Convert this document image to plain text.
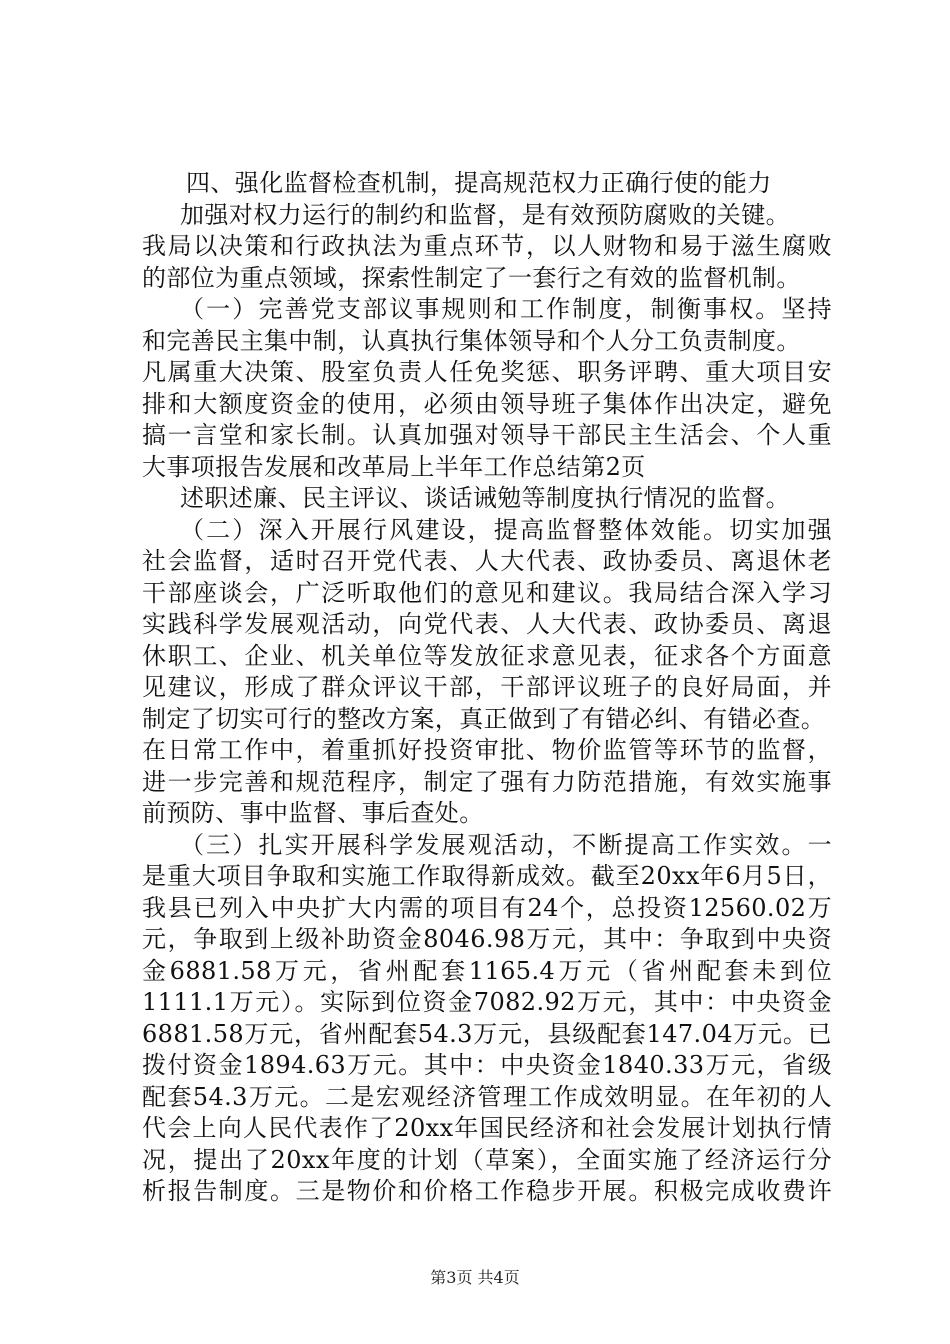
四、强化监督检查机制，提高规范权力正确行使的能力
加强对权力运行的制约和监督，是有效预防腐败的关键。
我局以决策和行政执法为重点环节，以人财物和易于滋生腐败
的部位为重点领域，探索性制定了一套行之有效的监督机制。
（一）完善党支部议事规则和工作制度，制衡事权。坚持
和完善民主集中制，认真执行集体领导和个人分工负责制度。
凡属重大决策、股室负责人任免奖惩、职务评聘、重大项目安
排和大额度资金的使用，必须由领导班子集体作出决定，避免
搞一言堂和家长制。认真加强对领导干部民主生活会、个人重
大事项报告发展和改革局上半年工作总结第2页
述职述廉、民主评议、谈话诫勉等制度执行情况的监督。
（二）深入开展行风建设，提高监督整体效能。切实加强
社会监督，适时召开党代表、人大代表、政协委员、离退休老
干部座谈会，广泛听取他们的意见和建议。我局结合深入学习
实践科学发展观活动，向党代表、人大代表、政协委员、离退
休职工、企业、机关单位等发放征求意见表，征求各个方面意
见建议，形成了群众评议干部，干部评议班子的良好局面，并
制定了切实可行的整改方案，真正做到了有错必纠、有错必查。
在日常工作中，着重抓好投资审批、物价监管等环节的监督，
进一步完善和规范程序，制定了强有力防范措施，有效实施事
前预防、事中监督、事后查处。
（三）扎实开展科学发展观活动，不断提高工作实效。一
是重大项目争取和实施工作取得新成效。截至20xx年6月5日，
我县已列入中央扩大内需的项目有24个，总投资12560.02万
元，争取到上级补助资金8046.98万元，其中：争取到中央资
金6881.58万元，省州配套1165.4万元（省州配套未到位
1111.1万元）。实际到位资金7082.92万元，其中：中央资金
6881.58万元，省州配套54.3万元，县级配套147.04万元。已
拨付资金1894.63万元。其中：中央资金1840.33万元，省级
配套54.3万元。二是宏观经济管理工作成效明显。在年初的人
代会上向人民代表作了20xx年国民经济和社会发展计划执行情
况，提出了20xx年度的计划（草案），全面实施了经济运行分
析报告制度。三是物价和价格工作稳步开展。积极完成收费许
第3页 共4页
